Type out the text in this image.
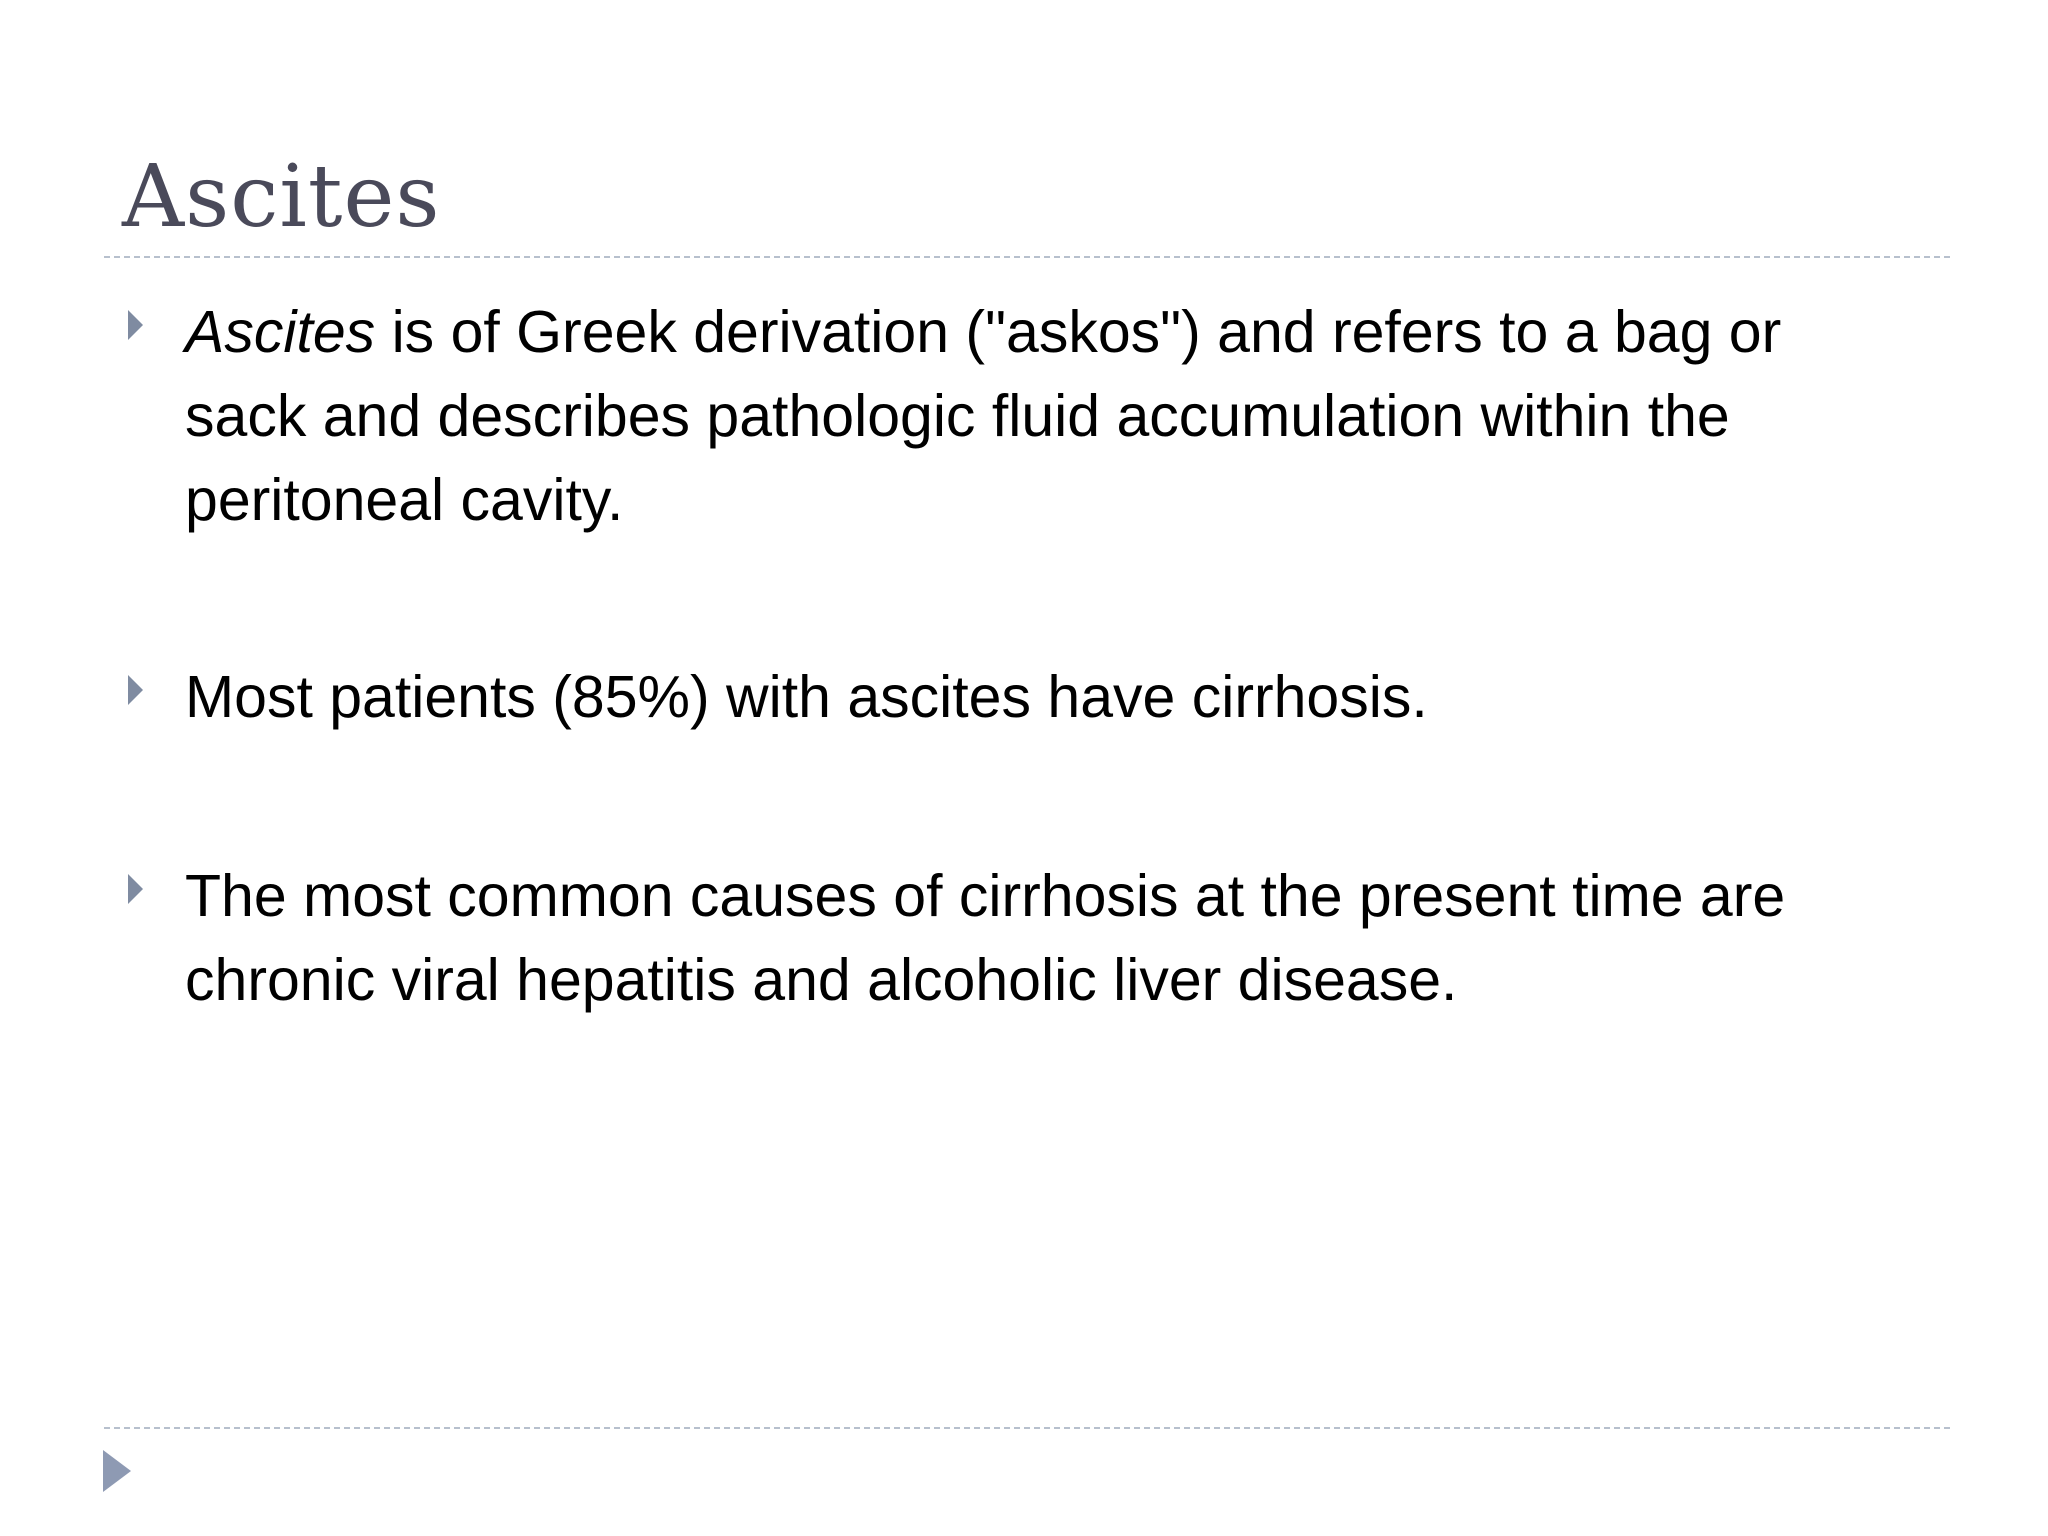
Ascites
Ascites is of Greek derivation ("askos") and refers to a bag or
sack and describes pathologic fluid accumulation within the
peritoneal cavity.
Most patients (85%) with ascites have cirrhosis.
The most common causes of cirrhosis at the present time are
chronic viral hepatitis and alcoholic liver disease.
